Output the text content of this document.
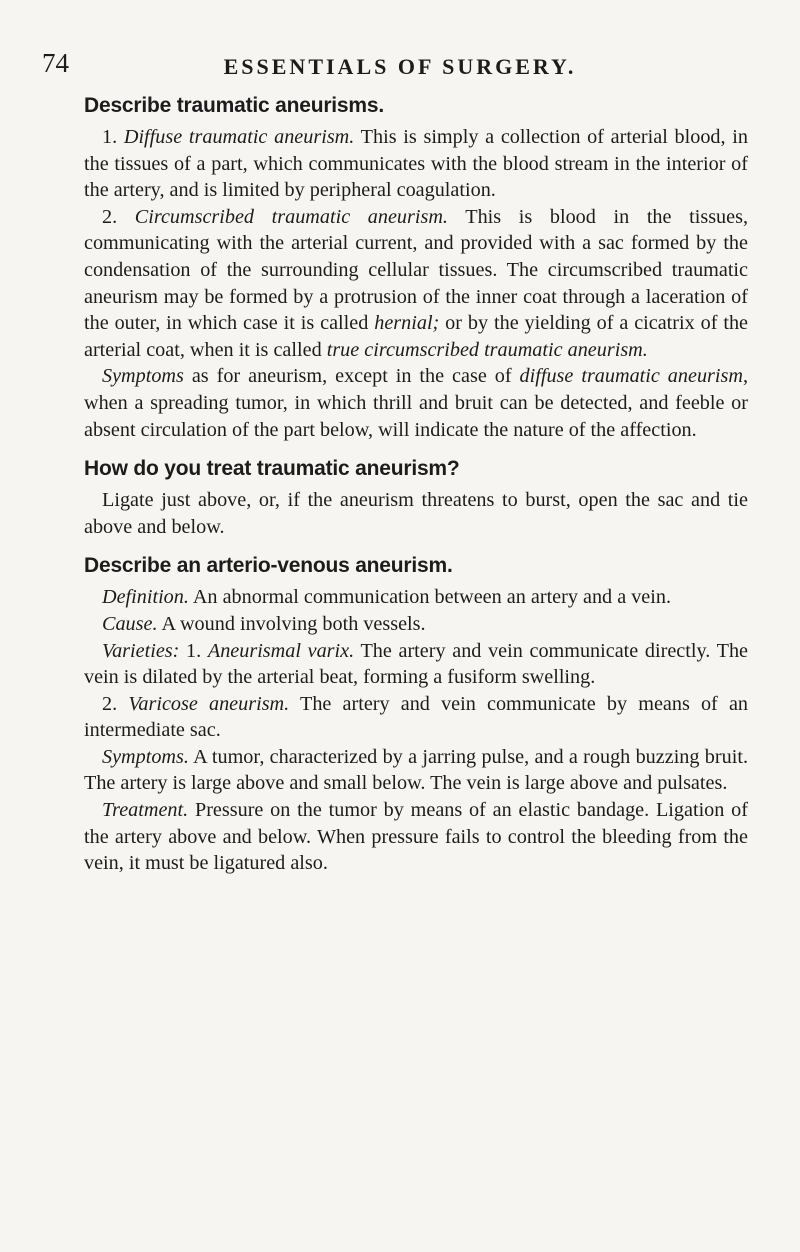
74	ESSENTIALS OF SURGERY.
Describe traumatic aneurisms.

1. Diffuse traumatic aneurism. This is simply a collection of arterial blood, in the tissues of a part, which communicates with the blood stream in the interior of the artery, and is limited by peripheral coagulation.

2. Circumscribed traumatic aneurism. This is blood in the tissues, communicating with the arterial current, and provided with a sac formed by the condensation of the surrounding cellular tissues. The circumscribed traumatic aneurism may be formed by a protrusion of the inner coat through a laceration of the outer, in which case it is called hernial; or by the yielding of a cicatrix of the arterial coat, when it is called true circumscribed traumatic aneurism.

Symptoms as for aneurism, except in the case of diffuse traumatic aneurism, when a spreading tumor, in which thrill and bruit can be detected, and feeble or absent circulation of the part below, will indicate the nature of the affection.

How do you treat traumatic aneurism?

Ligate just above, or, if the aneurism threatens to burst, open the sac and tie above and below.

Describe an arterio-venous aneurism.

Definition. An abnormal communication between an artery and a vein.

Cause. A wound involving both vessels.

Varieties: 1. Aneurismal varix. The artery and vein communicate directly. The vein is dilated by the arterial beat, forming a fusiform swelling.

2. Varicose aneurism. The artery and vein communicate by means of an intermediate sac.

Symptoms. A tumor, characterized by a jarring pulse, and a rough buzzing bruit. The artery is large above and small below. The vein is large above and pulsates.

Treatment. Pressure on the tumor by means of an elastic bandage. Ligation of the artery above and below. When pressure fails to control the bleeding from the vein, it must be ligatured also.
